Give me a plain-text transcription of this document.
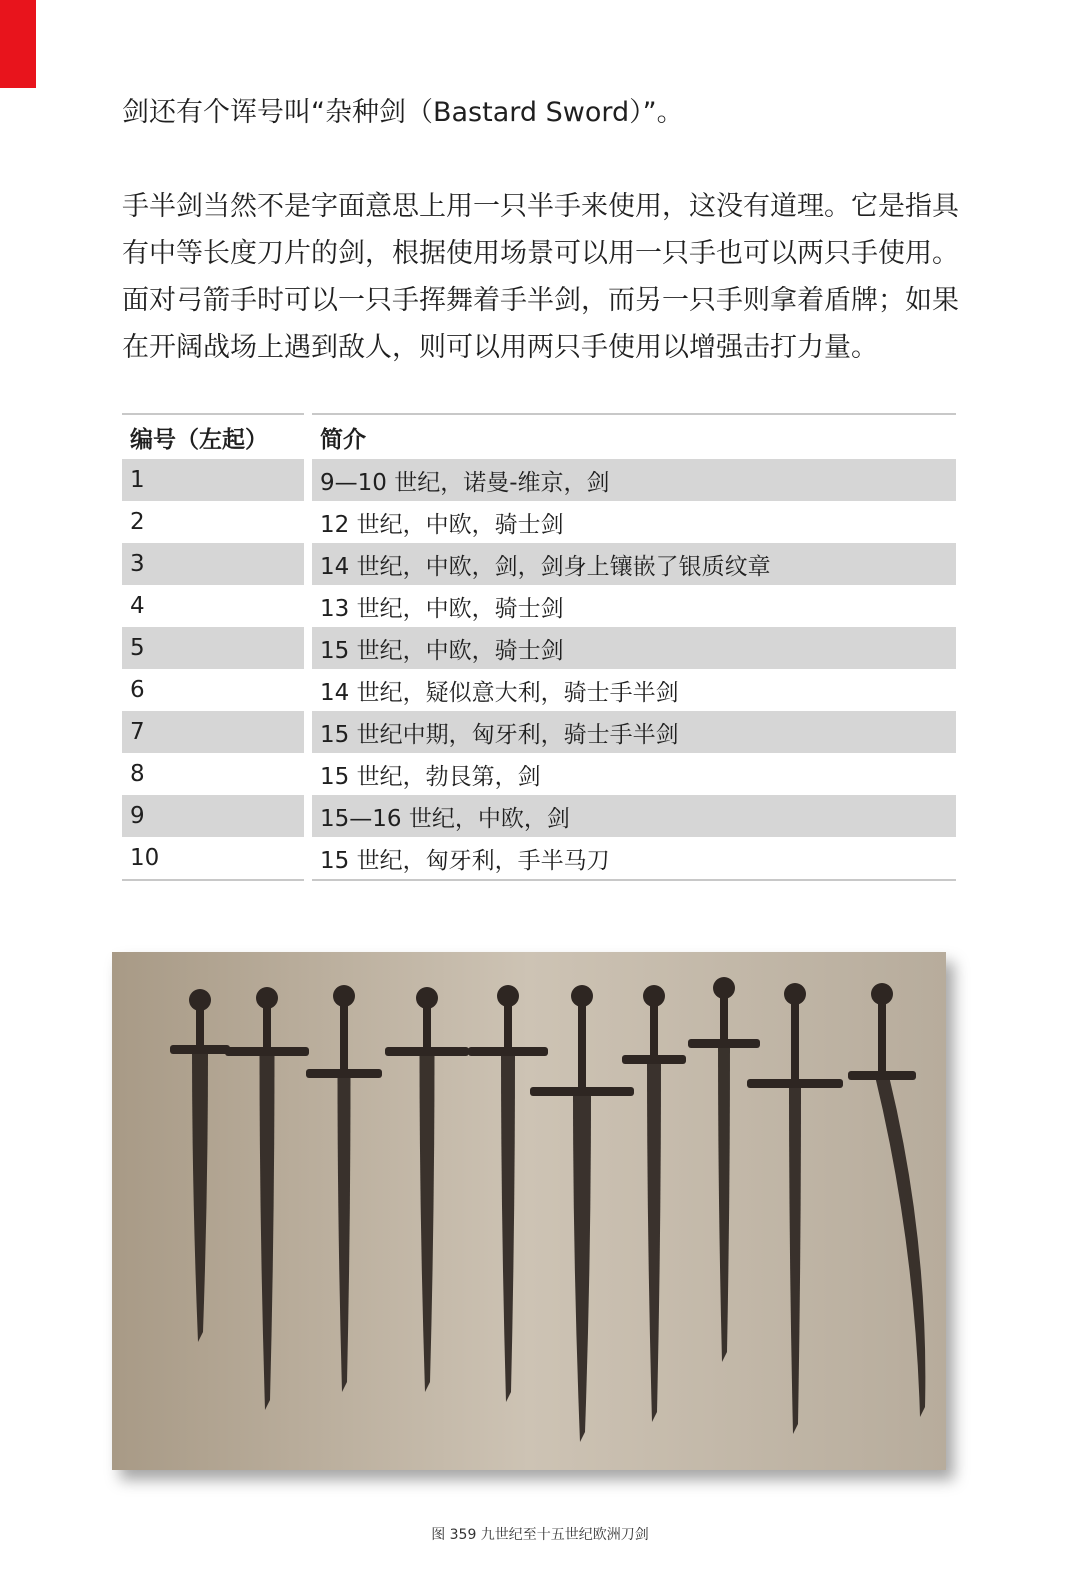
剑还有个诨号叫“杂种剑（Bastard Sword）”。

手半剑当然不是字面意思上用一只半手来使用，这没有道理。它是指具有中等长度刀片的剑，根据使用场景可以用一只手也可以两只手使用。面对弓箭手时可以一只手挥舞着手半剑，而另一只手则拿着盾牌；如果在开阔战场上遇到敌人，则可以用两只手使用以增强击打力量。

编号（左起）	简介
1	9—10 世纪，诺曼-维京，剑
2	12 世纪，中欧，骑士剑
3	14 世纪，中欧，剑，剑身上镶嵌了银质纹章
4	13 世纪，中欧，骑士剑
5	15 世纪，中欧，骑士剑
6	14 世纪，疑似意大利，骑士手半剑
7	15 世纪中期，匈牙利，骑士手半剑
8	15 世纪，勃艮第，剑
9	15—16 世纪，中欧，剑
10	15 世纪，匈牙利，手半马刀
图 359 九世纪至十五世纪欧洲刀剑
